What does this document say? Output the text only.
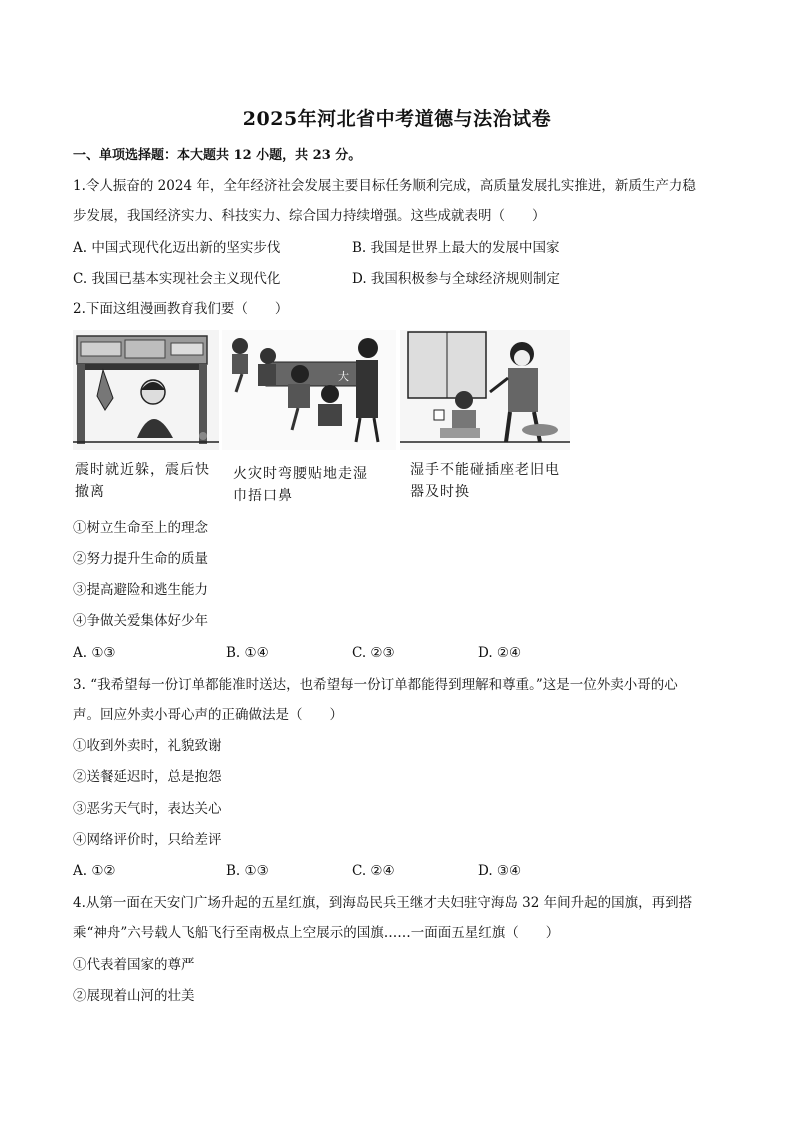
2025年河北省中考道德与法治试卷
一、单项选择题：本大题共 12 小题，共 23 分。
1.令人振奋的 2024 年，全年经济社会发展主要目标任务顺利完成，高质量发展扎实推进，新质生产力稳
步发展，我国经济实力、科技实力、综合国力持续增强。这些成就表明（　　）
A. 中国式现代化迈出新的坚实步伐	B. 我国是世界上最大的发展中国家
C. 我国已基本实现社会主义现代化	D. 我国积极参与全球经济规则制定
2.下面这组漫画教育我们要（　　）
大
震时就近躲，震后快撤离
火灾时弯腰贴地走湿巾捂口鼻
湿手不能碰插座老旧电器及时换
①树立生命至上的理念
②努力提升生命的质量
③提高避险和逃生能力
④争做关爱集体好少年
A. ①③	B. ①④	C. ②③	D. ②④
3. “我希望每一份订单都能准时送达，也希望每一份订单都能得到理解和尊重。”这是一位外卖小哥的心
声。回应外卖小哥心声的正确做法是（　　）
①收到外卖时，礼貌致谢
②送餐延迟时，总是抱怨
③恶劣天气时，表达关心
④网络评价时，只给差评
A. ①②	B. ①③	C. ②④	D. ③④
4.从第一面在天安门广场升起的五星红旗，到海岛民兵王继才夫妇驻守海岛 32 年间升起的国旗，再到搭
乘“神舟”六号载人飞船飞行至南极点上空展示的国旗……一面面五星红旗（　　）
①代表着国家的尊严
②展现着山河的壮美
